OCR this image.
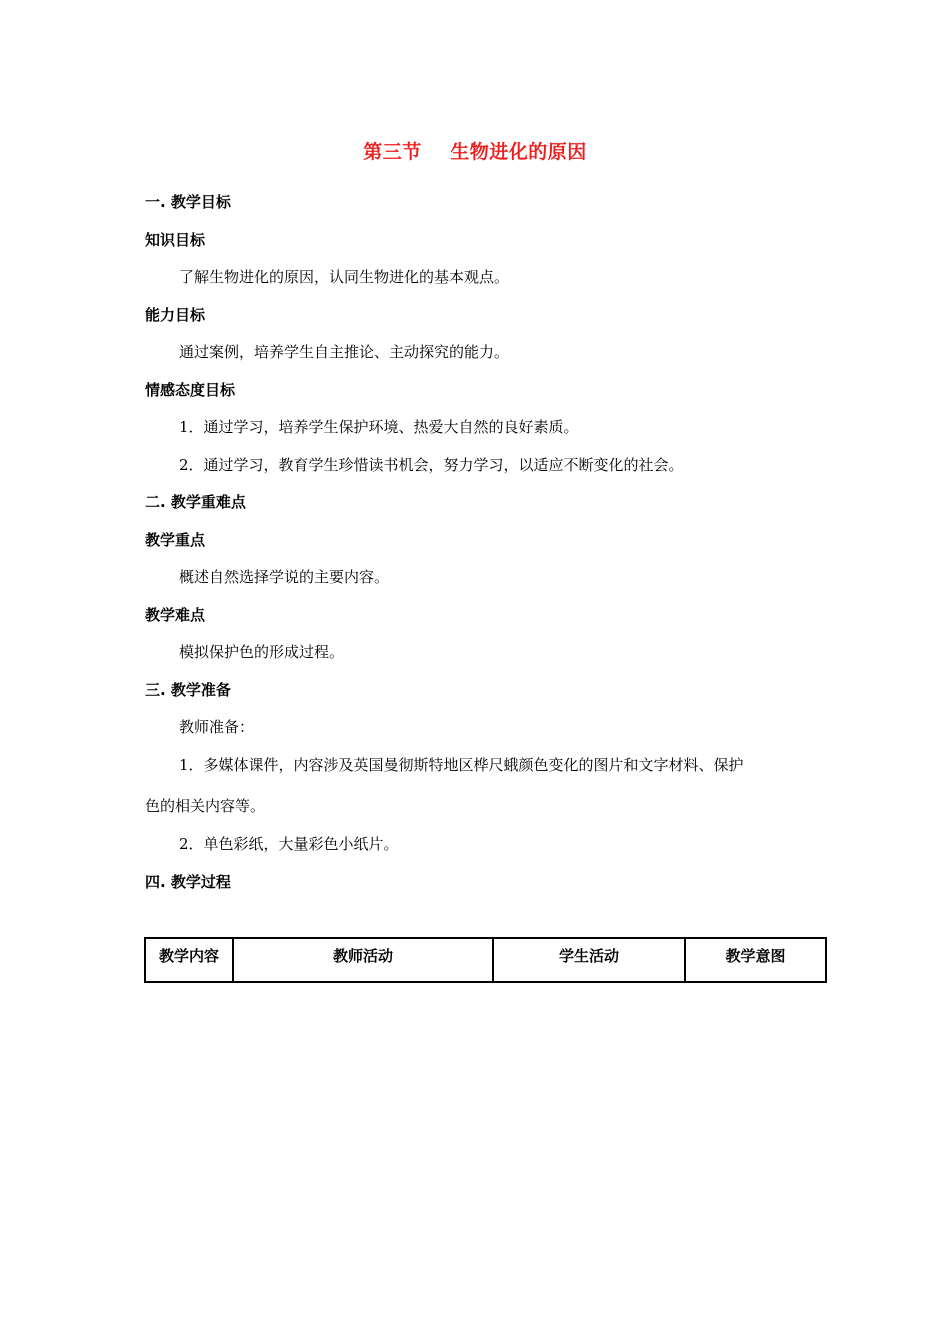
第三节    生物进化的原因
一. 教学目标
知识目标
了解生物进化的原因，认同生物进化的基本观点。
能力目标
通过案例，培养学生自主推论、主动探究的能力。
情感态度目标
1．通过学习，培养学生保护环境、热爱大自然的良好素质。
2．通过学习，教育学生珍惜读书机会，努力学习，以适应不断变化的社会。
二. 教学重难点
教学重点
概述自然选择学说的主要内容。
教学难点
模拟保护色的形成过程。
三. 教学准备
教师准备：
1．多媒体课件，内容涉及英国曼彻斯特地区桦尺蛾颜色变化的图片和文字材料、保护
色的相关内容等。
2．单色彩纸，大量彩色小纸片。
四. 教学过程
教学内容	教师活动	学生活动	教学意图
